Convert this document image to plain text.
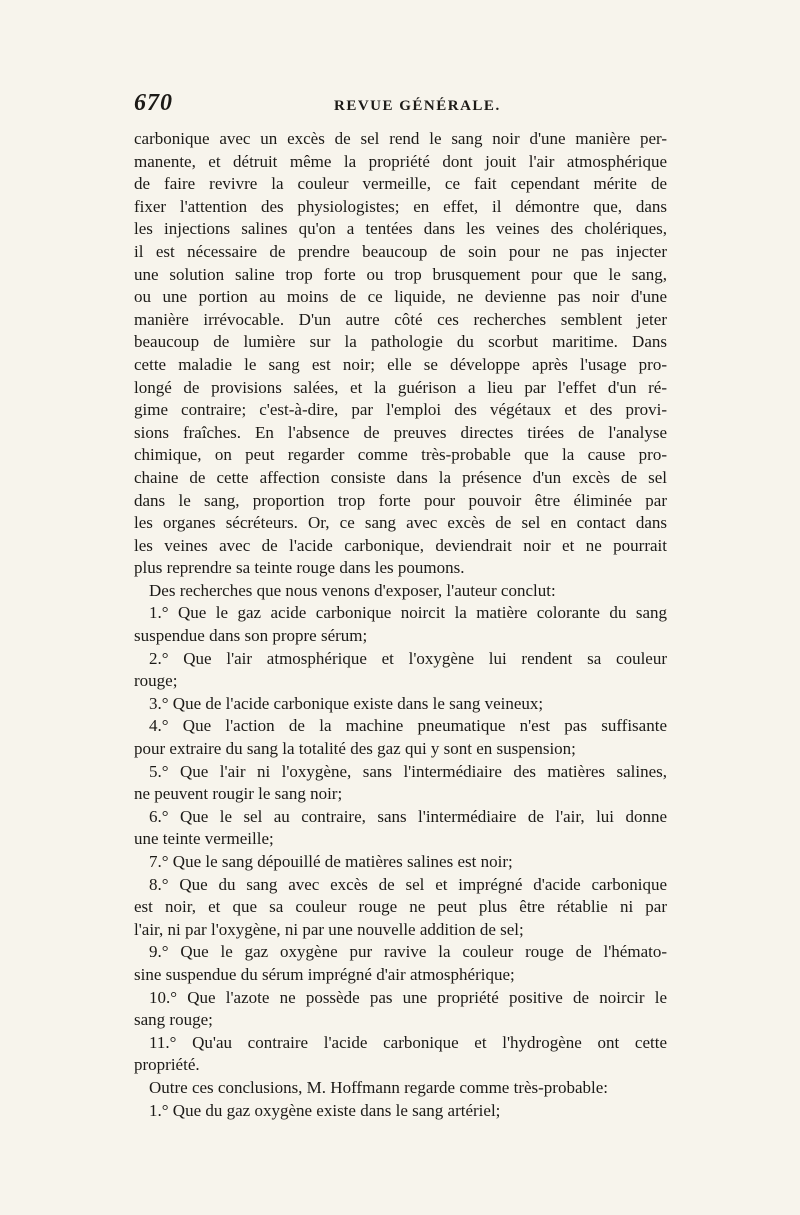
670	REVUE GÉNÉRALE.

carbonique avec un excès de sel rend le sang noir d'une manière per-
manente, et détruit même la propriété dont jouit l'air atmosphérique
de faire revivre la couleur vermeille, ce fait cependant mérite de
fixer l'attention des physiologistes; en effet, il démontre que, dans
les injections salines qu'on a tentées dans les veines des cholériques,
il est nécessaire de prendre beaucoup de soin pour ne pas injecter
une solution saline trop forte ou trop brusquement pour que le sang,
ou une portion au moins de ce liquide, ne devienne pas noir d'une
manière irrévocable. D'un autre côté ces recherches semblent jeter
beaucoup de lumière sur la pathologie du scorbut maritime. Dans
cette maladie le sang est noir; elle se développe après l'usage pro-
longé de provisions salées, et la guérison a lieu par l'effet d'un ré-
gime contraire; c'est-à-dire, par l'emploi des végétaux et des provi-
sions fraîches. En l'absence de preuves directes tirées de l'analyse
chimique, on peut regarder comme très-probable que la cause pro-
chaine de cette affection consiste dans la présence d'un excès de sel
dans le sang, proportion trop forte pour pouvoir être éliminée par
les organes sécréteurs. Or, ce sang avec excès de sel en contact dans
les veines avec de l'acide carbonique, deviendrait noir et ne pourrait
plus reprendre sa teinte rouge dans les poumons.

Des recherches que nous venons d'exposer, l'auteur conclut:

1.° Que le gaz acide carbonique noircit la matière colorante du sang
suspendue dans son propre sérum;

2.° Que l'air atmosphérique et l'oxygène lui rendent sa couleur
rouge;

3.° Que de l'acide carbonique existe dans le sang veineux;

4.° Que l'action de la machine pneumatique n'est pas suffisante
pour extraire du sang la totalité des gaz qui y sont en suspension;

5.° Que l'air ni l'oxygène, sans l'intermédiaire des matières salines,
ne peuvent rougir le sang noir;

6.° Que le sel au contraire, sans l'intermédiaire de l'air, lui donne
une teinte vermeille;

7.° Que le sang dépouillé de matières salines est noir;

8.° Que du sang avec excès de sel et imprégné d'acide carbonique
est noir, et que sa couleur rouge ne peut plus être rétablie ni par
l'air, ni par l'oxygène, ni par une nouvelle addition de sel;

9.° Que le gaz oxygène pur ravive la couleur rouge de l'hémato-
sine suspendue du sérum imprégné d'air atmosphérique;

10.° Que l'azote ne possède pas une propriété positive de noircir le
sang rouge;

11.° Qu'au contraire l'acide carbonique et l'hydrogène ont cette
propriété.

Outre ces conclusions, M. Hoffmann regarde comme très-probable:

1.° Que du gaz oxygène existe dans le sang artériel;
